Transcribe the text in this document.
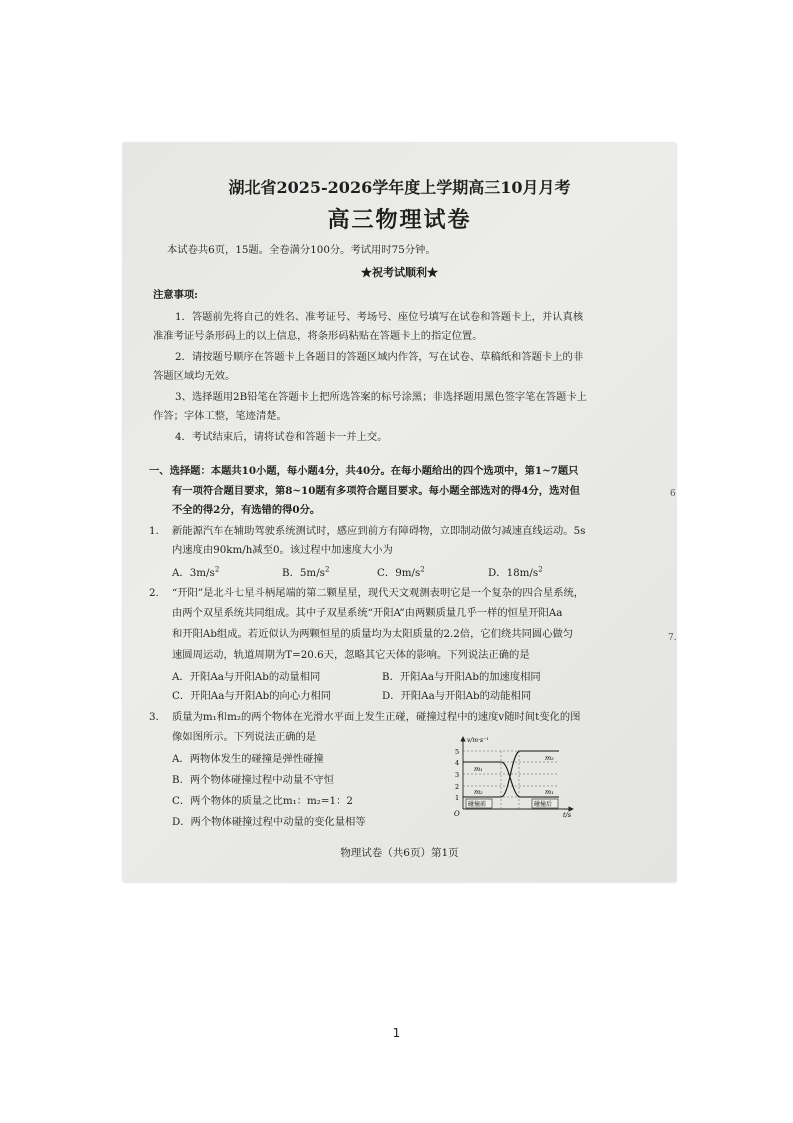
湖北省2025-2026学年度上学期高三10月月考
高三物理试卷
本试卷共6页，15题。全卷满分100分。考试用时75分钟。
★祝考试顺利★
注意事项:
1．答题前先将自己的姓名、准考证号、考场号、座位号填写在试卷和答题卡上，并认真核
准准考证号条形码上的以上信息，将条形码粘贴在答题卡上的指定位置。
2．请按题号顺序在答题卡上各题目的答题区域内作答，写在试卷、草稿纸和答题卡上的非
答题区域均无效。
3、选择题用2B铅笔在答题卡上把所选答案的标号涂黑；非选择题用黑色签字笔在答题卡上
作答；字体工整，笔迹清楚。
4．考试结束后，请将试卷和答题卡一并上交。
一、选择题：本题共10小题，每小题4分，共40分。在每小题给出的四个选项中，第1~7题只
有一项符合题目要求，第8~10题有多项符合题目要求。每小题全部选对的得4分，选对但
不全的得2分，有选错的得0分。
1. 新能源汽车在辅助驾驶系统测试时，感应到前方有障碍物，立即制动做匀减速直线运动。5s
内速度由90km/h减至0。该过程中加速度大小为
A．$3m/s^2$	B．$5m/s^2$	C．$9m/s^2$	D．$18m/s^2$
2. “开阳”是北斗七星斗柄尾端的第二颗星星，现代天文观测表明它是一个复杂的四合星系统，
由两个双星系统共同组成。其中子双星系统“开阳A”由两颗质量几乎一样的恒星开阳Aa
和开阳Ab组成。若近似认为两颗恒星的质量均为太阳质量的2.2倍，它们绕共同圆心做匀
速圆周运动，轨道周期为T=20.6天，忽略其它天体的影响。下列说法正确的是
A．开阳Aa与开阳Ab的动量相同	B．开阳Aa与开阳Ab的加速度相同
C．开阳Aa与开阳Ab的向心力相同	D．开阳Aa与开阳Ab的动能相同
3. 质量为m₁和m₂的两个物体在光滑水平面上发生正碰，碰撞过程中的速度v随时间t变化的图
像如图所示。下列说法正确的是
A．两物体发生的碰撞是弹性碰撞
B．两个物体碰撞过程中动量不守恒
C．两个物体的质量之比m₁：m₂=1：2
D．两个物体碰撞过程中动量的变化量相等
1
2
3
4
5
O
v/m·s⁻¹
t/s
m₁
m₂
m₂
m₁
碰撞前	碰撞后
物理试卷（共6页）第1页
6
7.
1
